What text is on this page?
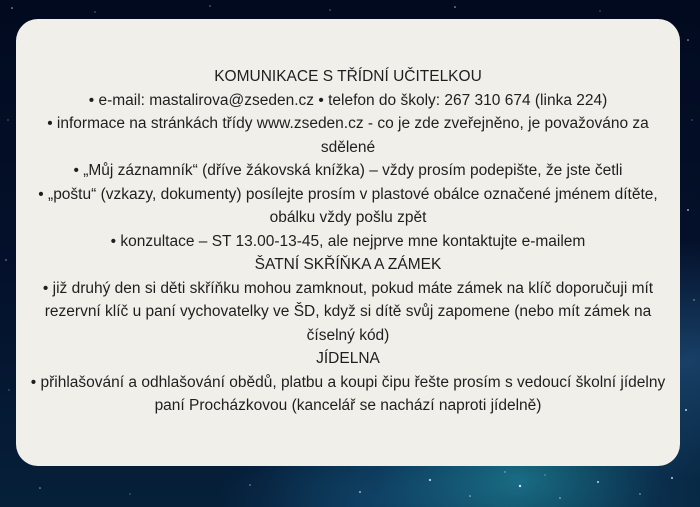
KOMUNIKACE S TŘÍDNÍ UČITELKOU
• e-mail: mastalirova@zseden.cz • telefon do školy: 267 310 674 (linka 224)
• informace na stránkách třídy www.zseden.cz - co je zde zveřejněno, je považováno za sdělené
• „Můj záznamník“ (dříve žákovská knížka) – vždy prosím podepište, že jste četli
• „poštu“ (vzkazy, dokumenty) posílejte prosím v plastové obálce označené jménem dítěte, obálku vždy pošlu zpět
• konzultace – ST 13.00-13-45, ale nejprve mne kontaktujte e-mailem
ŠATNÍ SKŘÍŇKA A ZÁMEK
• již druhý den si děti skříňku mohou zamknout, pokud máte zámek na klíč doporučuji mít rezervní klíč u paní vychovatelky ve ŠD, když si dítě svůj zapomene (nebo mít zámek na číselný kód)
JÍDELNA
• přihlašování a odhlašování obědů, platbu a koupi čipu řešte prosím s vedoucí školní jídelny paní Procházkovou (kancelář se nachází naproti jídelně)
